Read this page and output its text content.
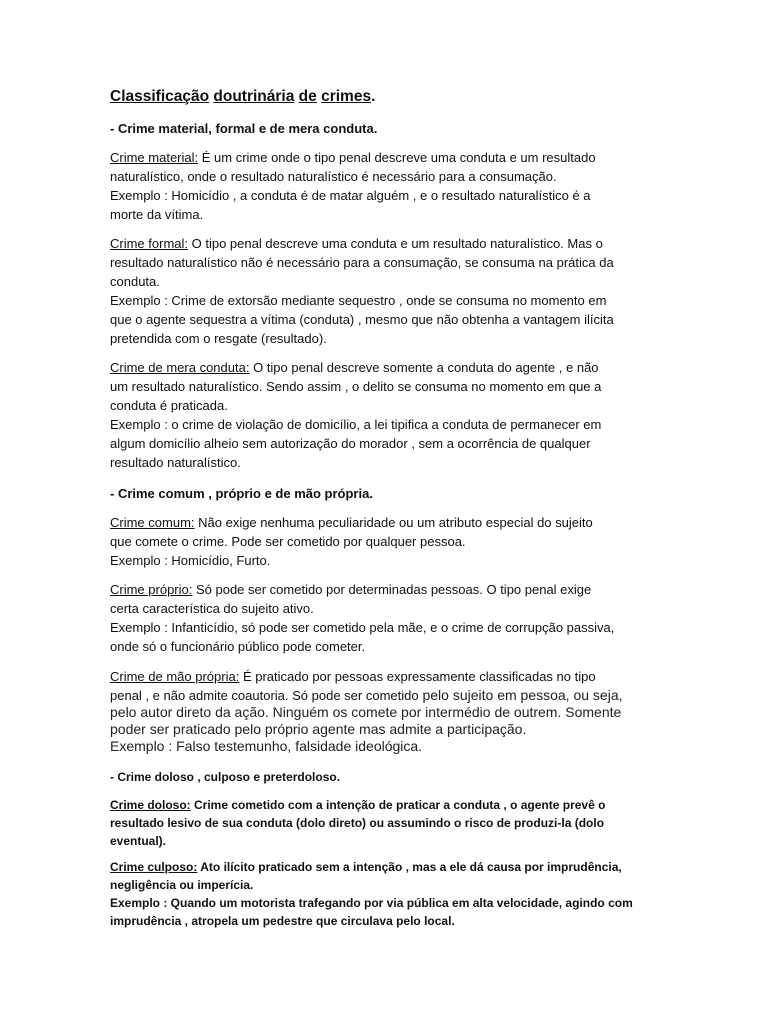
Classificação doutrinária de crimes.
- Crime material, formal e de mera conduta.
Crime material: É um crime onde o tipo penal descreve uma conduta e um resultado
naturalístico, onde o resultado naturalístico é necessário para a consumação.
Exemplo : Homicídio , a conduta é de matar alguém , e o resultado naturalístico é a
morte da vítima.
Crime formal: O tipo penal descreve uma conduta e um resultado naturalístico. Mas o
resultado naturalístico não é necessário para a consumação, se consuma na prática da
conduta.
Exemplo : Crime de extorsão mediante sequestro , onde se consuma no momento em
que o agente sequestra a vítima (conduta) , mesmo que não obtenha a vantagem ilícita
pretendida com o resgate (resultado).
Crime de mera conduta: O tipo penal descreve somente a conduta do agente , e não
um resultado naturalístico. Sendo assim , o delito se consuma no momento em que a
conduta é praticada.
Exemplo : o crime de violação de domicílio, a lei tipifica a conduta de permanecer em
algum domicílio alheio sem autorização do morador , sem a ocorrência de qualquer
resultado naturalístico.
- Crime comum , próprio e de mão própria.
Crime comum: Não exige nenhuma peculiaridade ou um atributo especial do sujeito
que comete o crime. Pode ser cometido por qualquer pessoa.
Exemplo : Homicídio, Furto.
Crime próprio: Só pode ser cometido por determinadas pessoas. O tipo penal exige
certa característica do sujeito ativo.
Exemplo : Infanticídio, só pode ser cometido pela mãe, e o crime de corrupção passiva,
onde só o funcionário público pode cometer.
Crime de mão própria: É praticado por pessoas expressamente classificadas no tipo
penal , e não admite coautoria. Só pode ser cometido pelo sujeito em pessoa, ou seja,
pelo autor direto da ação. Ninguém os comete por intermédio de outrem. Somente
poder ser praticado pelo próprio agente mas admite a participação.
Exemplo : Falso testemunho, falsidade ideológica.
- Crime doloso , culposo e preterdoloso.
Crime doloso: Crime cometido com a intenção de praticar a conduta , o agente prevê o
resultado lesivo de sua conduta (dolo direto) ou assumindo o risco de produzi-la (dolo
eventual).
Crime culposo: Ato ilícito praticado sem a intenção , mas a ele dá causa por imprudência,
negligência ou imperícia.
Exemplo : Quando um motorista trafegando por via pública em alta velocidade, agindo com
imprudência , atropela um pedestre que circulava pelo local.
